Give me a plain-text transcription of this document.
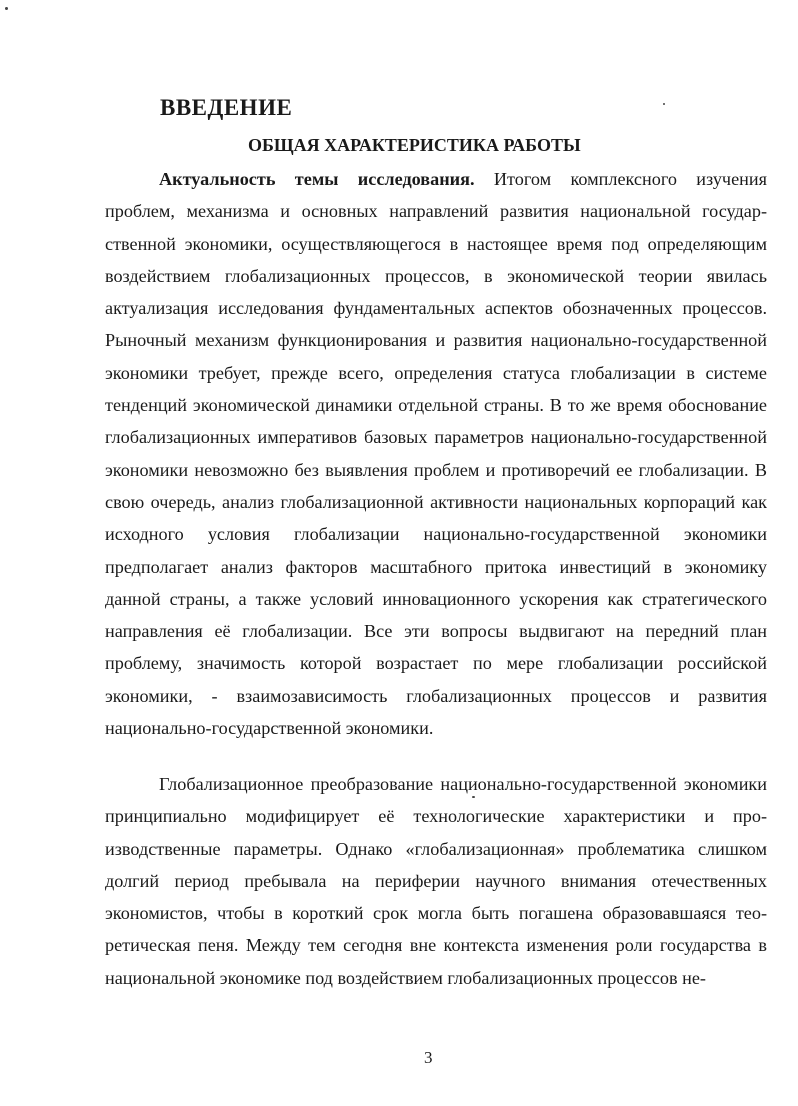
ВВЕДЕНИЕ
ОБЩАЯ ХАРАКТЕРИСТИКА РАБОТЫ

Актуальность темы исследования. Итогом комплексного изучения проблем, механизма и основных направлений развития национальной государственной экономики, осуществляющегося в настоящее время под определяющим воздействием глобализационных процессов, в экономической теории явилась актуализация исследования фундаментальных аспектов обозначенных процессов. Рыночный механизм функционирования и развития национально-государственной экономики требует, прежде всего, определения статуса глобализации в системе тенденций экономической динамики отдельной страны. В то же время обоснование глобализационных императивов базовых параметров национально-государственной экономики невозможно без выявления проблем и противоречий ее глобализации. В свою очередь, анализ глобализационной активности национальных корпораций как исходного условия глобализации национально-государственной экономики предполагает анализ факторов масштабного притока инвестиций в экономику данной страны, а также условий инновационного ускорения как стратегического направления её глобализации. Все эти вопросы выдвигают на передний план проблему, значимость которой возрастает по мере глобализации российской экономики, - взаимозависимость глобализационных процессов и развития национально-государственной экономики.

Глобализационное преобразование национально-государственной экономики принципиально модифицирует её технологические характеристики и производственные параметры. Однако «глобализационная» проблематика слишком долгий период пребывала на периферии научного внимания отечественных экономистов, чтобы в короткий срок могла быть погашена образовавшаяся теоретическая пеня. Между тем сегодня вне контекста изменения роли государства в национальной экономике под воздействием глобализационных процессов не-

3
